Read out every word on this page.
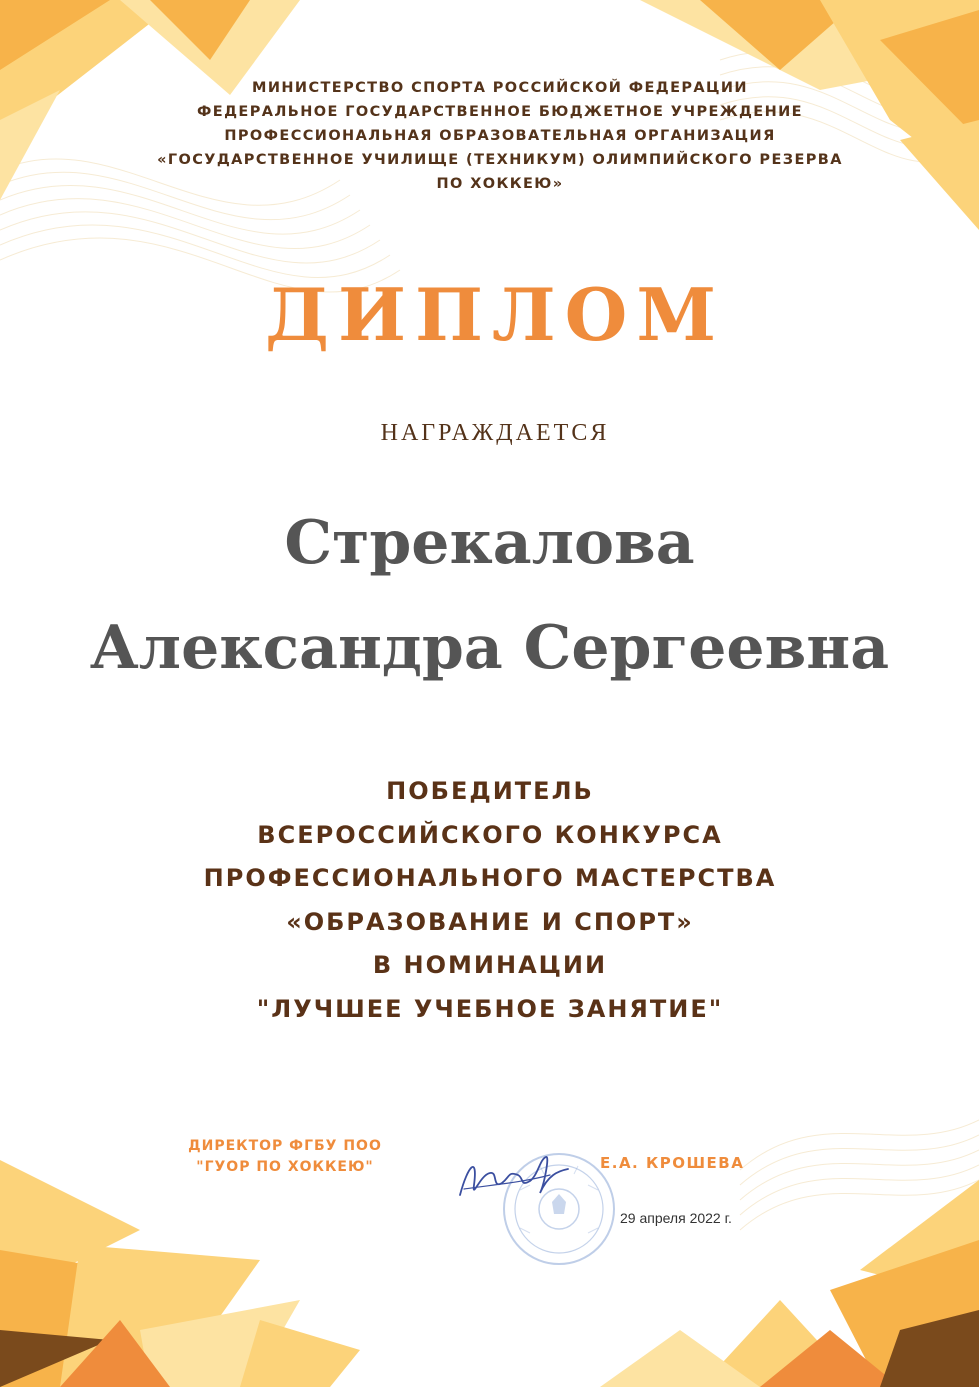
МИНИСТЕРСТВО СПОРТА РОССИЙСКОЙ ФЕДЕРАЦИИ
ФЕДЕРАЛЬНОЕ ГОСУДАРСТВЕННОЕ БЮДЖЕТНОЕ УЧРЕЖДЕНИЕ
ПРОФЕССИОНАЛЬНАЯ ОБРАЗОВАТЕЛЬНАЯ ОРГАНИЗАЦИЯ
«ГОСУДАРСТВЕННОЕ УЧИЛИЩЕ (ТЕХНИКУМ) ОЛИМПИЙСКОГО РЕЗЕРВА
ПО ХОККЕЮ»
ДИПЛОМ
НАГРАЖДАЕТСЯ
Стрекалова
Александра Сергеевна
ПОБЕДИТЕЛЬ
ВСЕРОССИЙСКОГО КОНКУРСА
ПРОФЕССИОНАЛЬНОГО МАСТЕРСТВА
«ОБРАЗОВАНИЕ И СПОРТ»
В НОМИНАЦИИ
"ЛУЧШЕЕ УЧЕБНОЕ ЗАНЯТИЕ"
ДИРЕКТОР ФГБУ ПОО
"ГУОР ПО ХОККЕЮ"	Е.А. КРОШЕВА
29 апреля 2022 г.
